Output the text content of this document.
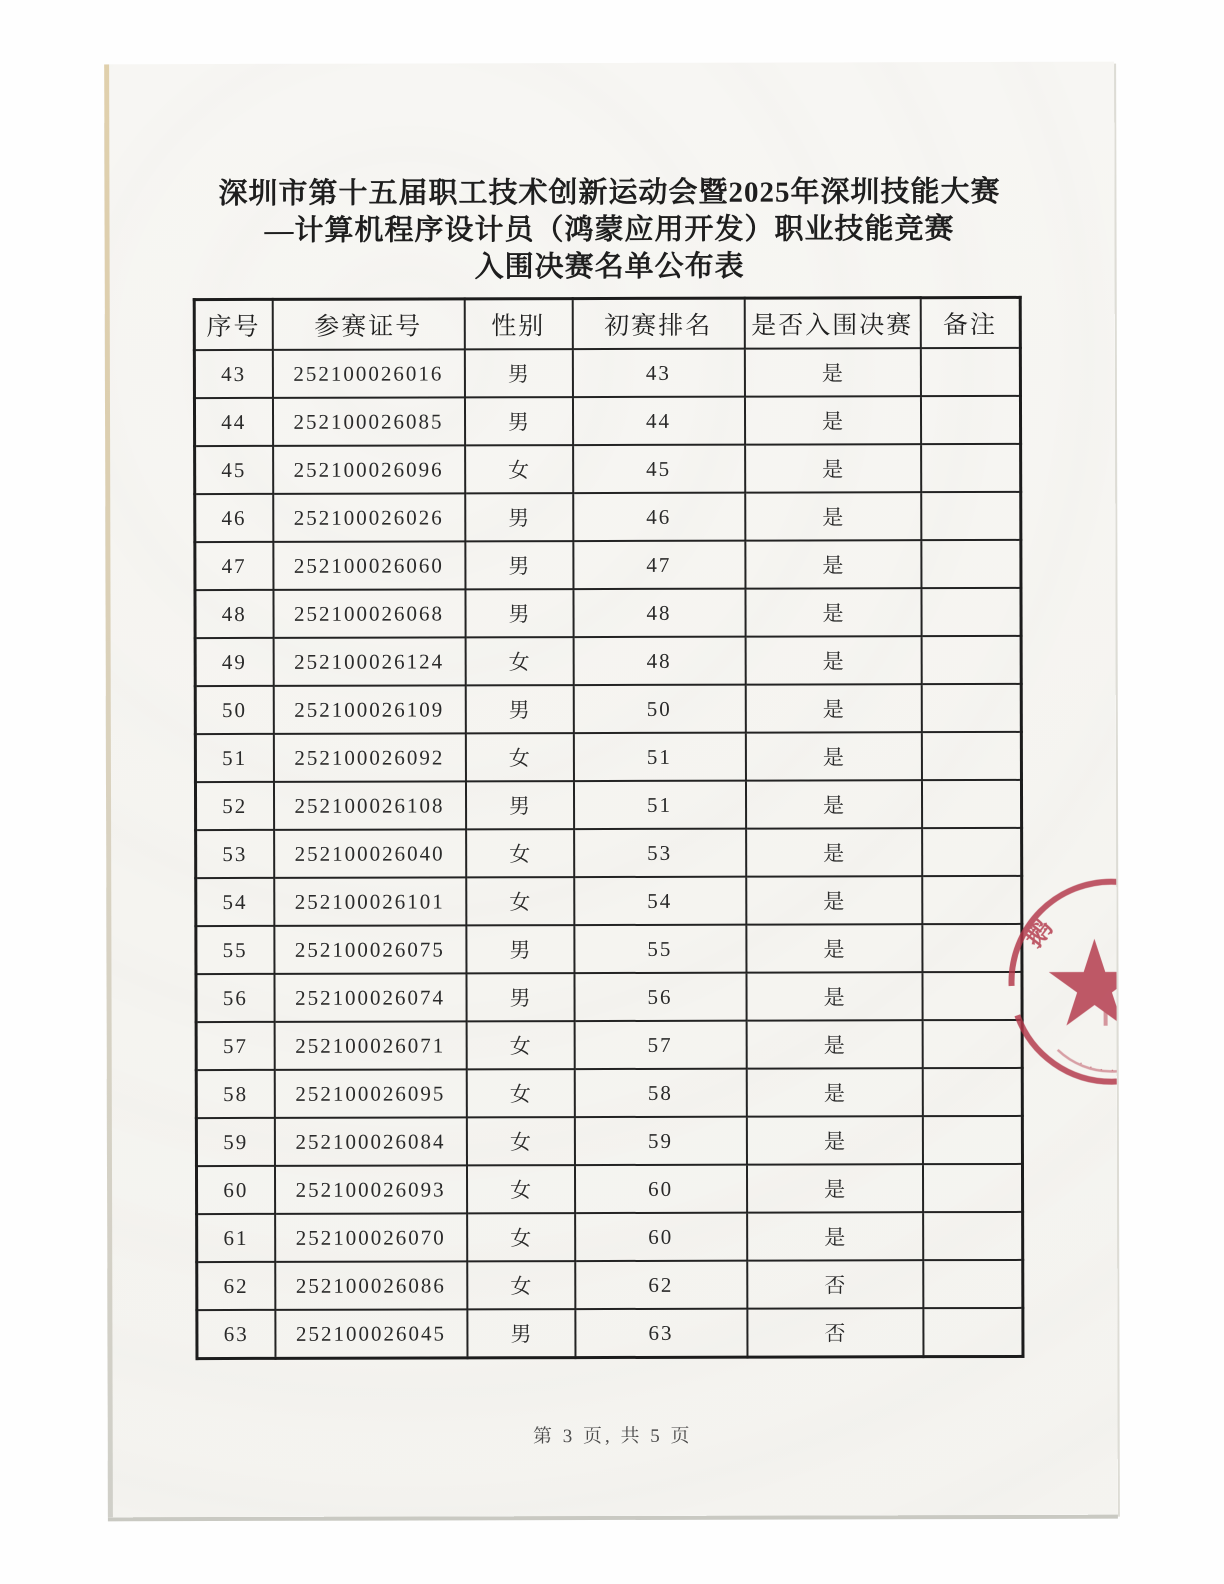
深圳市第十五届职工技术创新运动会暨2025年深圳技能大赛
—计算机程序设计员（鸿蒙应用开发）职业技能竞赛
入围决赛名单公布表
序号	参赛证号	性别	初赛排名	是否入围决赛	备注
43	252100026016	男	43	是	
44	252100026085	男	44	是	
45	252100026096	女	45	是	
46	252100026026	男	46	是	
47	252100026060	男	47	是	
48	252100026068	男	48	是	
49	252100026124	女	48	是	
50	252100026109	男	50	是	
51	252100026092	女	51	是	
52	252100026108	男	51	是	
53	252100026040	女	53	是	
54	252100026101	女	54	是	
55	252100026075	男	55	是	
56	252100026074	男	56	是	
57	252100026071	女	57	是	
58	252100026095	女	58	是	
59	252100026084	女	59	是	
60	252100026093	女	60	是	
61	252100026070	女	60	是	
62	252100026086	女	62	否	
63	252100026045	男	63	否	
鹅
ᐧ ᐧ · ᐧ
第 3 页, 共 5 页
